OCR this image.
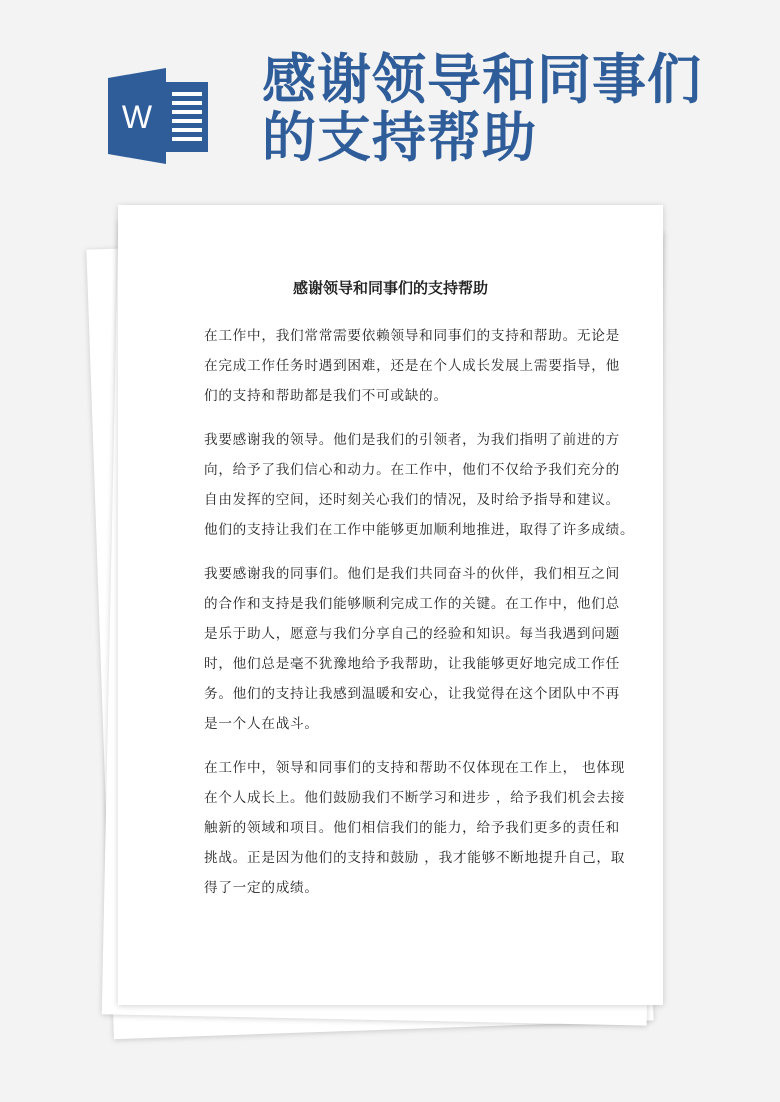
W
感谢领导和同事们
的支持帮助
感谢领导和同事们的支持帮助
在工作中，我们常常需要依赖领导和同事们的支持和帮助。无论是
在完成工作任务时遇到困难，还是在个人成长发展上需要指导，他
们的支持和帮助都是我们不可或缺的。
我要感谢我的领导。他们是我们的引领者，为我们指明了前进的方
向，给予了我们信心和动力。在工作中，他们不仅给予我们充分的
自由发挥的空间，还时刻关心我们的情况，及时给予指导和建议。
他们的支持让我们在工作中能够更加顺利地推进，取得了许多成绩。
我要感谢我的同事们。他们是我们共同奋斗的伙伴，我们相互之间
的合作和支持是我们能够顺利完成工作的关键。在工作中，他们总
是乐于助人，愿意与我们分享自己的经验和知识。每当我遇到问题
时，他们总是毫不犹豫地给予我帮助，让我能够更好地完成工作任
务。他们的支持让我感到温暖和安心，让我觉得在这个团队中不再
是一个人在战斗。
在工作中，领导和同事们的支持和帮助不仅体现在工作上， 也体现
在个人成长上。他们鼓励我们不断学习和进步 ，给予我们机会去接
触新的领域和项目。他们相信我们的能力，给予我们更多的责任和
挑战。正是因为他们的支持和鼓励 ，我才能够不断地提升自己，取
得了一定的成绩。
